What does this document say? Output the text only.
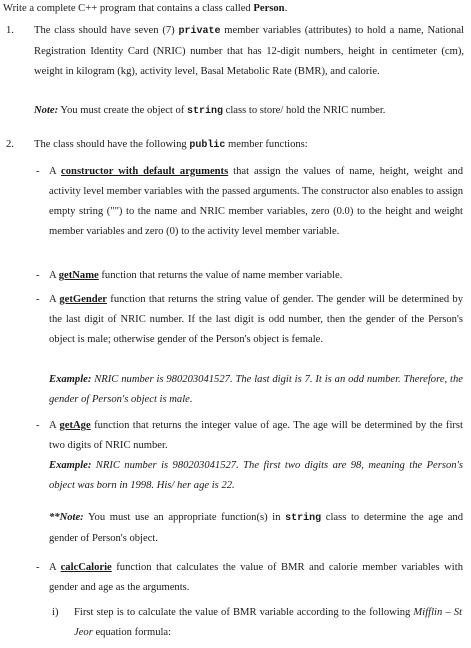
Write a complete C++ program that contains a class called Person.
1. The class should have seven (7) private member variables (attributes) to hold a name, National Registration Identity Card (NRIC) number that has 12-digit numbers, height in centimeter (cm), weight in kilogram (kg), activity level, Basal Metabolic Rate (BMR), and calorie.
Note: You must create the object of string class to store/ hold the NRIC number.
2. The class should have the following public member functions:
- A constructor with default arguments that assign the values of name, height, weight and activity level member variables with the passed arguments. The constructor also enables to assign empty string ("") to the name and NRIC member variables, zero (0.0) to the height and weight member variables and zero (0) to the activity level member variable.
- A getName function that returns the value of name member variable.
- A getGender function that returns the string value of gender. The gender will be determined by the last digit of NRIC number. If the last digit is odd number, then the gender of the Person's object is male; otherwise gender of the Person's object is female.
Example: NRIC number is 980203041527. The last digit is 7. It is an odd number. Therefore, the gender of Person's object is male.
- A getAge function that returns the integer value of age. The age will be determined by the first two digits of NRIC number.
Example: NRIC number is 980203041527. The first two digits are 98, meaning the Person's object was born in 1998. His/ her age is 22.
**Note: You must use an appropriate function(s) in string class to determine the age and gender of Person's object.
- A calcCalorie function that calculates the value of BMR and calorie member variables with gender and age as the arguments.
i) First step is to calculate the value of BMR variable according to the following Mifflin – St Jeor equation formula:
